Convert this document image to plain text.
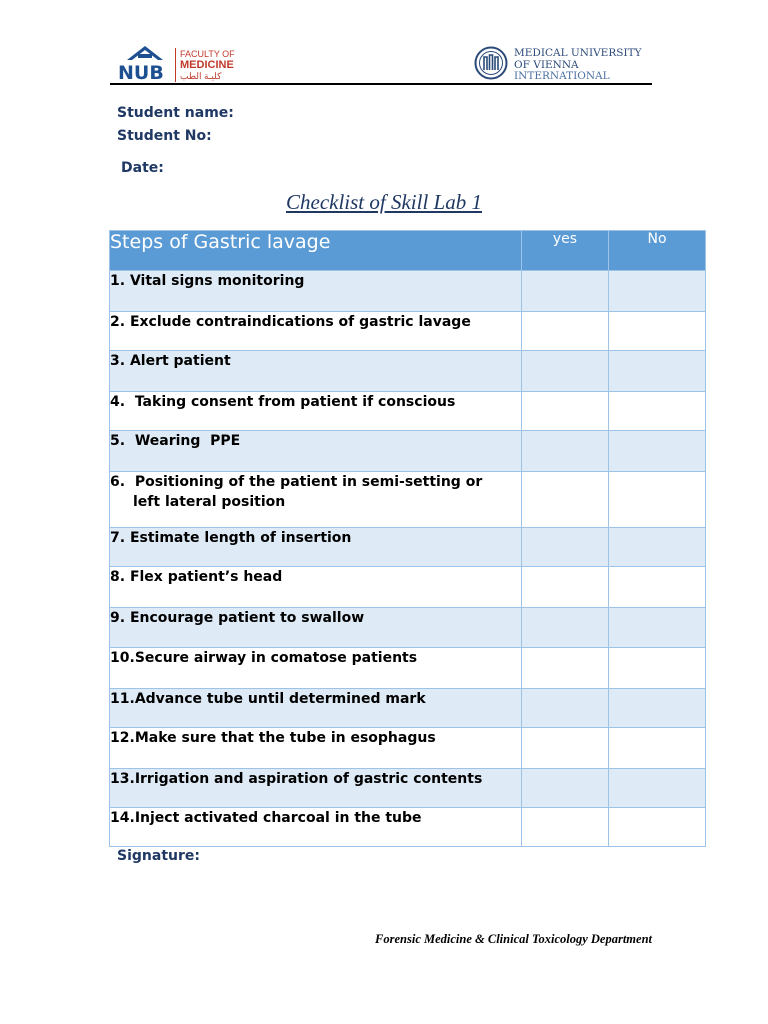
NUB
FACULTY OF
MEDICINE
كليـة الطب
MEDICAL UNIVERSITY
OF VIENNA
INTERNATIONAL
Student name:
Student No:
Date:
Checklist of Skill Lab 1
Steps of Gastric lavage	yes	No
1. Vital signs monitoring		
2. Exclude contraindications of gastric lavage		
3. Alert patient		
4. Taking consent from patient if conscious		
5. Wearing  PPE		
6. Positioning of the patient in semi-setting or
left lateral position		

7. Estimate length of insertion		
8. Flex patient’s head		
9. Encourage patient to swallow		
10.Secure airway in comatose patients		
11.Advance tube until determined mark		
12.Make sure that the tube in esophagus		
13.Irrigation and aspiration of gastric contents		
14.Inject activated charcoal in the tube		
Signature:
Forensic Medicine & Clinical Toxicology Department
